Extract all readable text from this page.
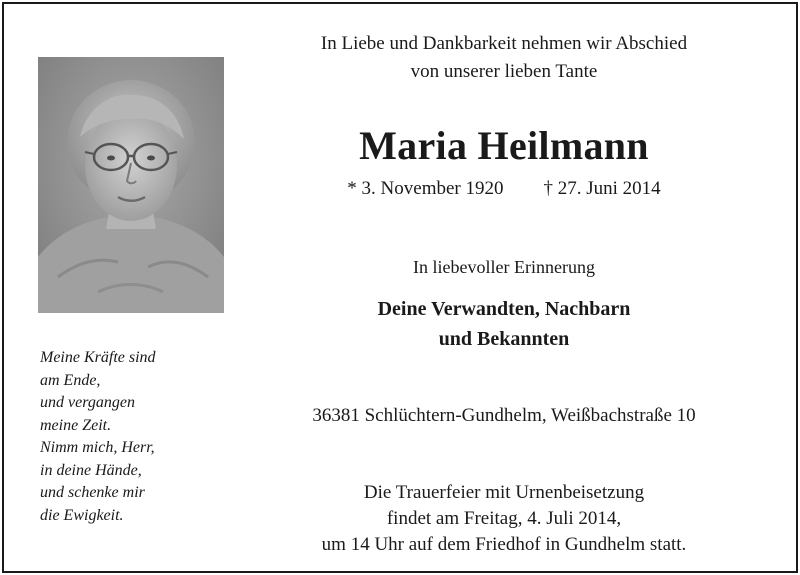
Meine Kräfte sind
am Ende,
und vergangen
meine Zeit.
Nimm mich, Herr,
in deine Hände,
und schenke mir
die Ewigkeit.
In Liebe und Dankbarkeit nehmen wir Abschied
von unserer lieben Tante
Maria Heilmann
* 3. November 1920 † 27. Juni 2014
In liebevoller Erinnerung
Deine Verwandten, Nachbarn
und Bekannten
36381 Schlüchtern-Gundhelm, Weißbachstraße 10
Die Trauerfeier mit Urnenbeisetzung
findet am Freitag, 4. Juli 2014,
um 14 Uhr auf dem Friedhof in Gundhelm statt.
